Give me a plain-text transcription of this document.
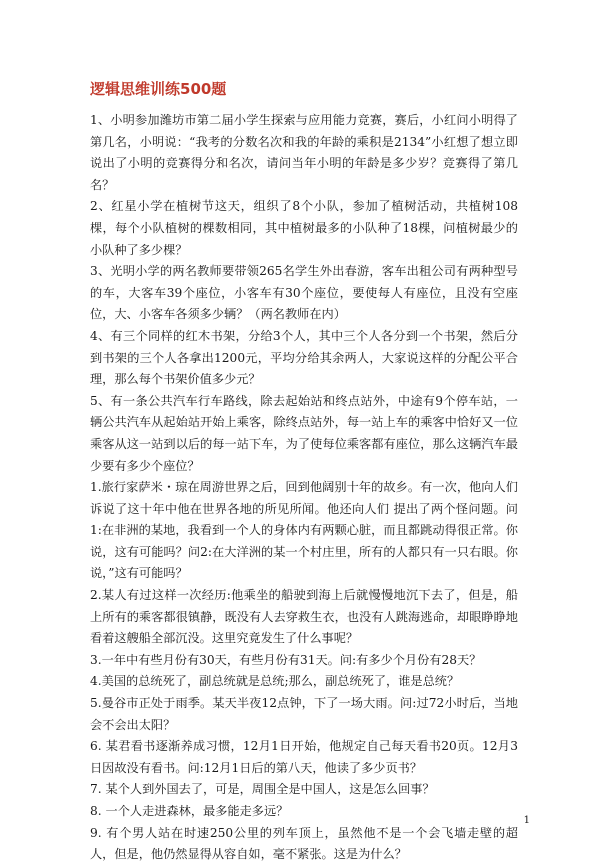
逻辑思维训练500题

1、小明参加潍坊市第二届小学生探索与应用能力竞赛，赛后，小红问小明得了第几名，小明说：“我考的分数名次和我的年龄的乘积是2134”小红想了想立即说出了小明的竞赛得分和名次，请问当年小明的年龄是多少岁？竞赛得了第几名？

2、红星小学在植树节这天，组织了8个小队，参加了植树活动，共植树108棵，每个小队植树的棵数相同，其中植树最多的小队种了18棵，问植树最少的小队种了多少棵？

3、光明小学的两名教师要带领265名学生外出春游，客车出租公司有两种型号的车，大客车39个座位，小客车有30个座位，要使每人有座位，且没有空座位，大、小客车各须多少辆？（两名教师在内）

4、有三个同样的红木书架，分给3个人，其中三个人各分到一个书架，然后分到书架的三个人各拿出1200元，平均分给其余两人，大家说这样的分配公平合理，那么每个书架价值多少元？

5、有一条公共汽车行车路线，除去起始站和终点站外，中途有9个停车站，一辆公共汽车从起始站开始上乘客，除终点站外，每一站上车的乘客中恰好又一位乘客从这一站到以后的每一站下车，为了使每位乘客都有座位，那么这辆汽车最少要有多少个座位？

1.旅行家萨米・琼在周游世界之后，回到他阔别十年的故乡。有一次，他向人们诉说了这十年中他在世界各地的所见所闻。他还向人们 提出了两个怪问题。问1:在非洲的某地，我看到一个人的身体内有两颗心脏，而且都跳动得很正常。你说，这有可能吗？问2:在大洋洲的某一个村庄里，所有的人都只有一只右眼。你说，”这有可能吗？

2.某人有过这样一次经历:他乘坐的船驶到海上后就慢慢地沉下去了，但是，船上所有的乘客都很镇静，既没有人去穿救生衣，也没有人跳海逃命，却眼睁睁地看着这艘船全部沉没。这里究竟发生了什么事呢？

3.一年中有些月份有30天，有些月份有31天。问:有多少个月份有28天？

4.美国的总统死了，副总统就是总统;那么，副总统死了，谁是总统？

5.曼谷市正处于雨季。某天半夜12点钟，下了一场大雨。问:过72小时后，当地会不会出太阳？

6. 某君看书逐渐养成习惯，12月1日开始，他规定自己每天看书20页。12月3日因故没有看书。问:12月1日后的第八天，他读了多少页书？

7. 某个人到外国去了，可是，周围全是中国人，这是怎么回事？

8. 一个人走进森林，最多能走多远？

9. 有个男人站在时速250公里的列车顶上，虽然他不是一个会飞墙走壁的超人，但是，他仍然显得从容自如，毫不紧张。这是为什么？

1
